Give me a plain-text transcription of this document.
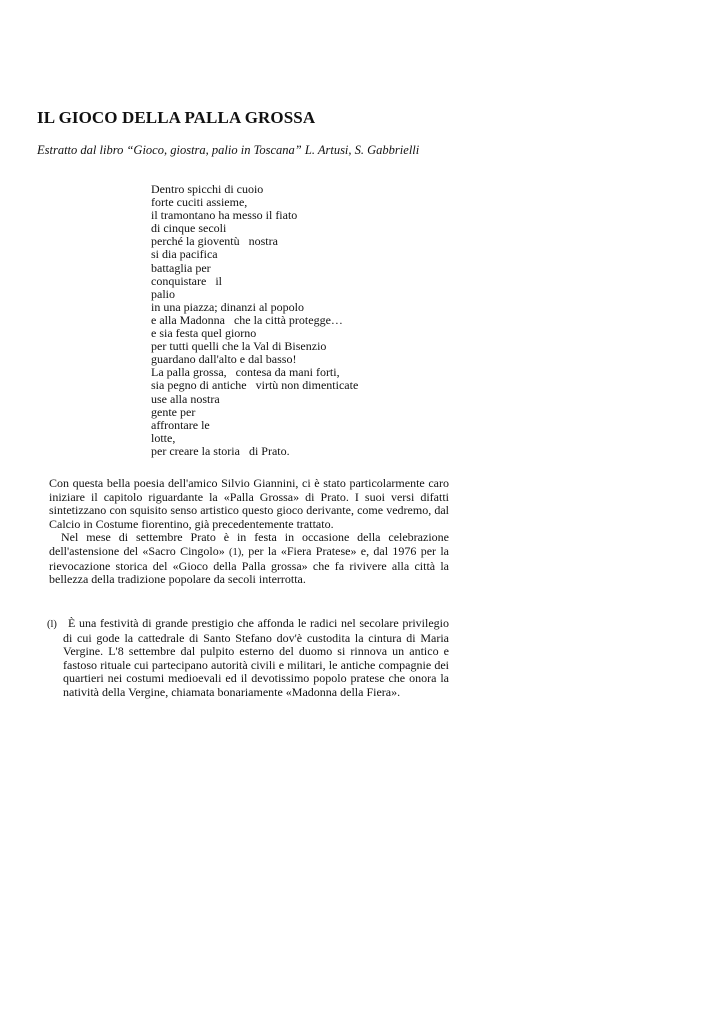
IL GIOCO DELLA PALLA GROSSA

Estratto dal libro “Gioco, giostra, palio in Toscana” L. Artusi, S. Gabbrielli

Dentro spicchi di cuoio
forte cuciti assieme,
il tramontano ha messo il fiato
di cinque secoli
perché la gioventù   nostra
si dia pacifica
battaglia per
conquistare   il
palio
in una piazza; dinanzi al popolo
e alla Madonna   che la città protegge…
e sia festa quel giorno
per tutti quelli che la Val di Bisenzio
guardano dall'alto e dal basso!
La palla grossa,   contesa da mani forti,
sia pegno di antiche   virtù non dimenticate
use alla nostra
gente per
affrontare le
lotte,
per creare la storia   di Prato.

Con questa bella poesia dell'amico Silvio Giannini, ci è stato particolarmente caro iniziare il capitolo riguardante la «Palla Grossa» di Prato. I suoi versi difatti sintetizzano con squisito senso artistico questo gioco derivante, come vedremo, dal Calcio in Costume fiorentino, già precedentemente trattato.

Nel mese di settembre Prato è in festa in occasione della celebrazione dell'astensione del «Sacro Cingolo» (1), per la «Fiera Pratese» e, dal 1976 per la rievocazione storica del «Gioco della Palla grossa» che fa rivivere alla città la bellezza della tradizione popolare da secoli interrotta.

(l) È una festività di grande prestigio che affonda le radici nel secolare privilegio di cui gode la cattedrale di Santo Stefano dov'è custodita la cintura di Maria Vergine. L'8 settembre dal pulpito esterno del duomo si rinnova un antico e fastoso rituale cui partecipano autorità civili e militari, le antiche compagnie dei quartieri nei costumi medioevali ed il devotissimo popolo pratese che onora la natività della Vergine, chiamata bonariamente «Madonna della Fiera».
